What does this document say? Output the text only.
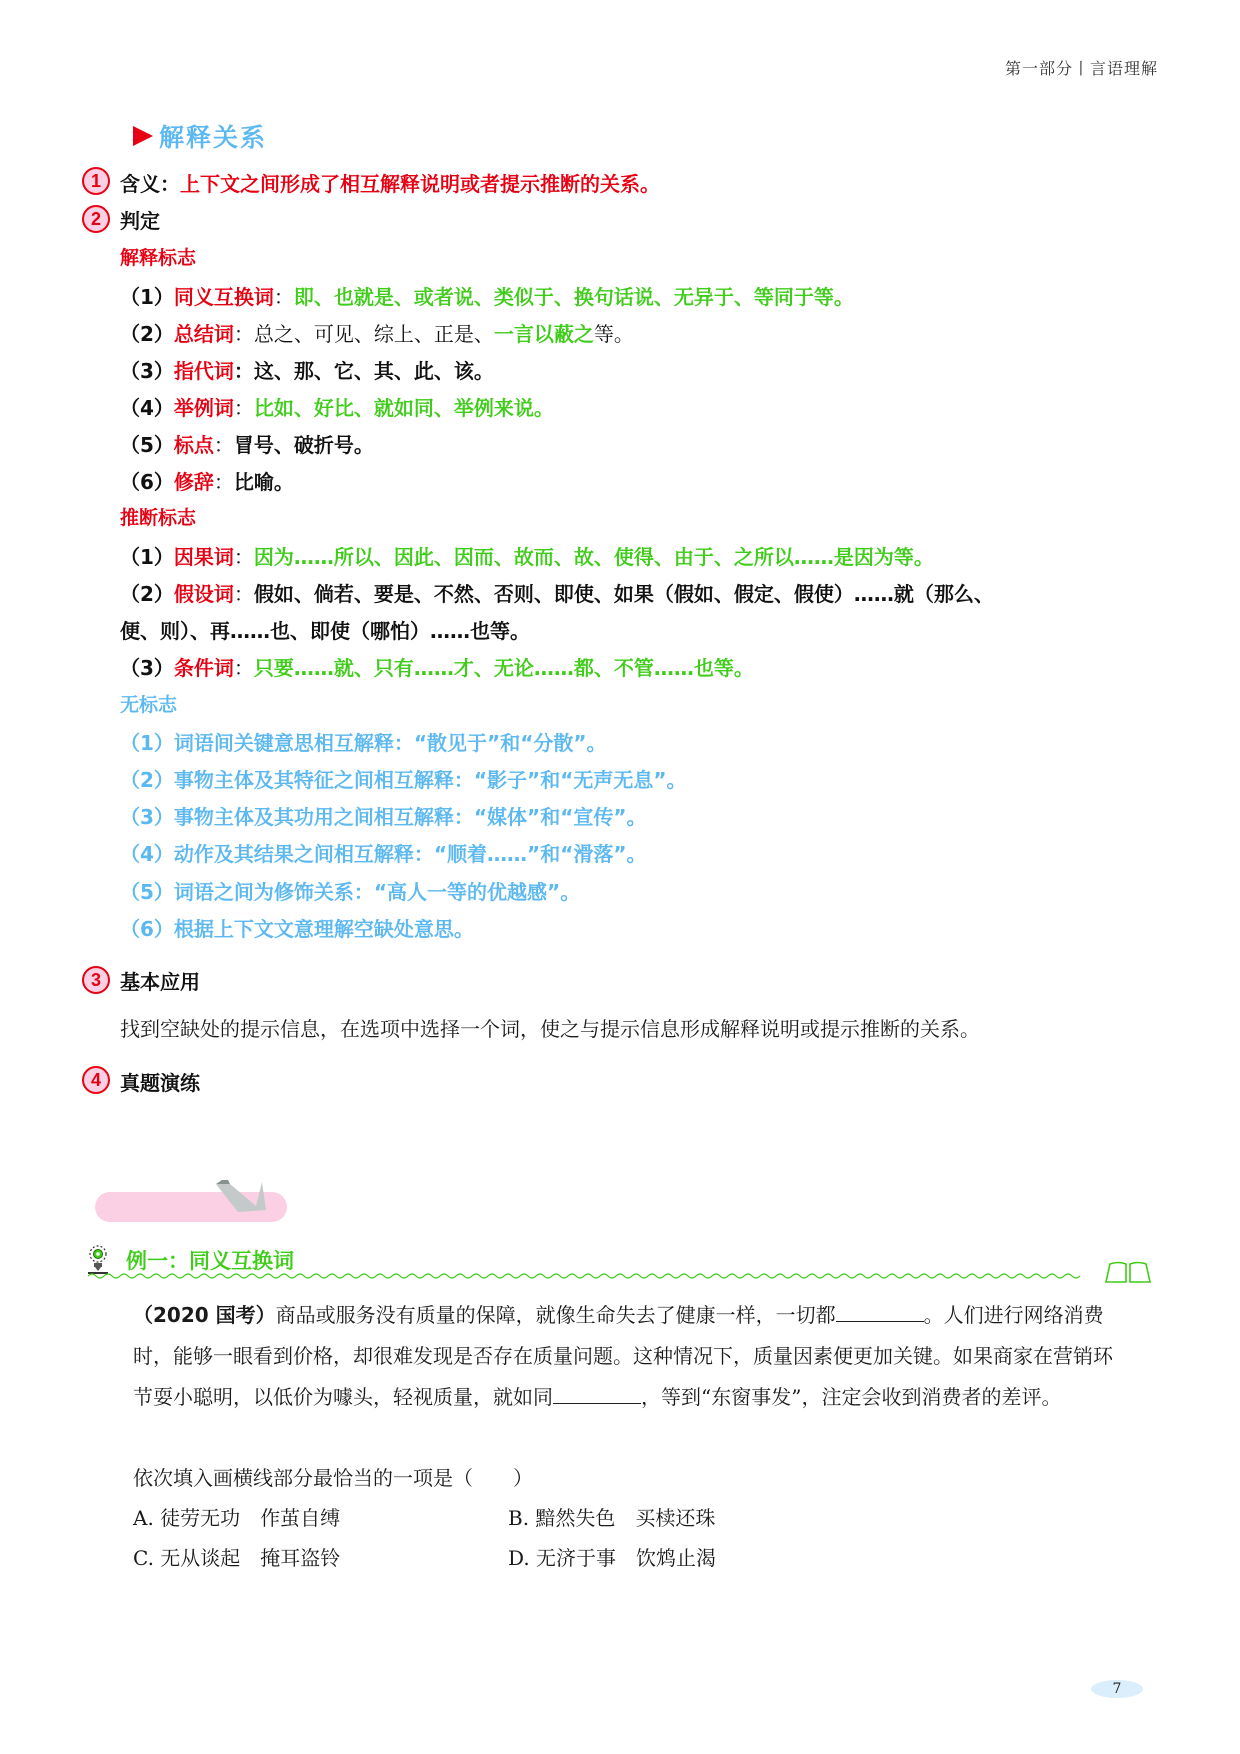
第一部分丨言语理解
解释关系
1 含义：上下文之间形成了相互解释说明或者提示推断的关系。
2 判定
解释标志
（1）同义互换词：即、也就是、或者说、类似于、换句话说、无异于、等同于等。
（2）总结词：总之、可见、综上、正是、一言以蔽之等。
（3）指代词：这、那、它、其、此、该。
（4）举例词：比如、好比、就如同、举例来说。
（5）标点：冒号、破折号。
（6）修辞：比喻。
推断标志
（1）因果词：因为……所以、因此、因而、故而、故、使得、由于、之所以……是因为等。
（2）假设词：假如、倘若、要是、不然、否则、即使、如果（假如、假定、假使）……就（那么、
便、则）、再……也、即使（哪怕）……也等。
（3）条件词：只要……就、只有……才、无论……都、不管……也等。
无标志
（1）词语间关键意思相互解释：“散见于”和“分散”。
（2）事物主体及其特征之间相互解释：“影子”和“无声无息”。
（3）事物主体及其功用之间相互解释：“媒体”和“宣传”。
（4）动作及其结果之间相互解释：“顺着……”和“滑落”。
（5）词语之间为修饰关系：“高人一等的优越感”。
（6）根据上下文文意理解空缺处意思。
3 基本应用
找到空缺处的提示信息，在选项中选择一个词，使之与提示信息形成解释说明或提示推断的关系。
4 真题演练
例一：同义互换词
（2020 国考）商品或服务没有质量的保障，就像生命失去了健康一样，一切都	。人们进行网络消费时，能够一眼看到价格，却很难发现是否存在质量问题。这种情况下，质量因素便更加关键。如果商家在营销环节耍小聪明，以低价为噱头，轻视质量，就如同	，等到“东窗事发”，注定会收到消费者的差评。
依次填入画横线部分最恰当的一项是（　　）
A. 徒劳无功　作茧自缚	B. 黯然失色　买椟还珠
C. 无从谈起　掩耳盗铃	D. 无济于事　饮鸩止渴
7
